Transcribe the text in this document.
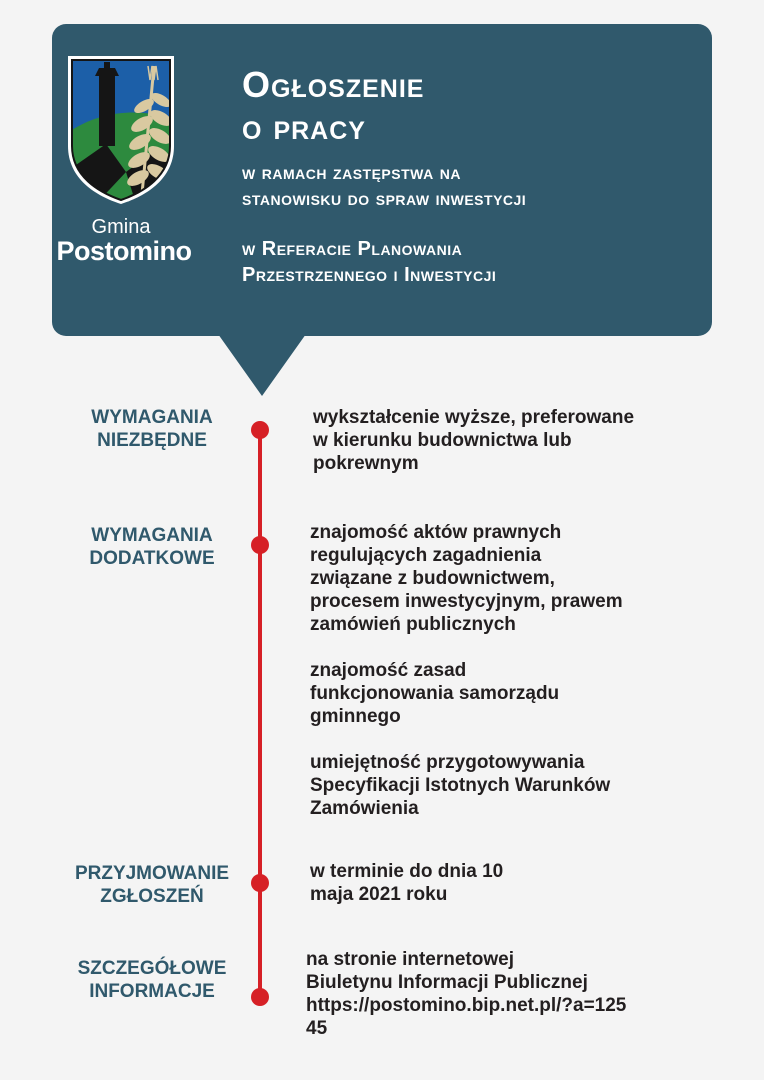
Gmina
Postomino
Ogłoszenie
o pracy
w ramach zastępstwa na stanowisku do spraw inwestycji
w Referacie Planowania Przestrzennego i Inwestycji
WYMAGANIA NIEZBĘDNE
wykształcenie wyższe, preferowane w kierunku budownictwa lub pokrewnym
WYMAGANIA DODATKOWE
znajomość aktów prawnych regulujących zagadnienia związane z budownictwem, procesem inwestycyjnym, prawem zamówień publicznych
znajomość zasad funkcjonowania samorządu gminnego
umiejętność przygotowywania Specyfikacji Istotnych Warunków Zamówienia
PRZYJMOWANIE ZGŁOSZEŃ
w terminie do dnia 10 maja 2021 roku
SZCZEGÓŁOWE INFORMACJE
na stronie internetowej
Biuletynu Informacji Publicznej
https://postomino.bip.net.pl/?a=12545
